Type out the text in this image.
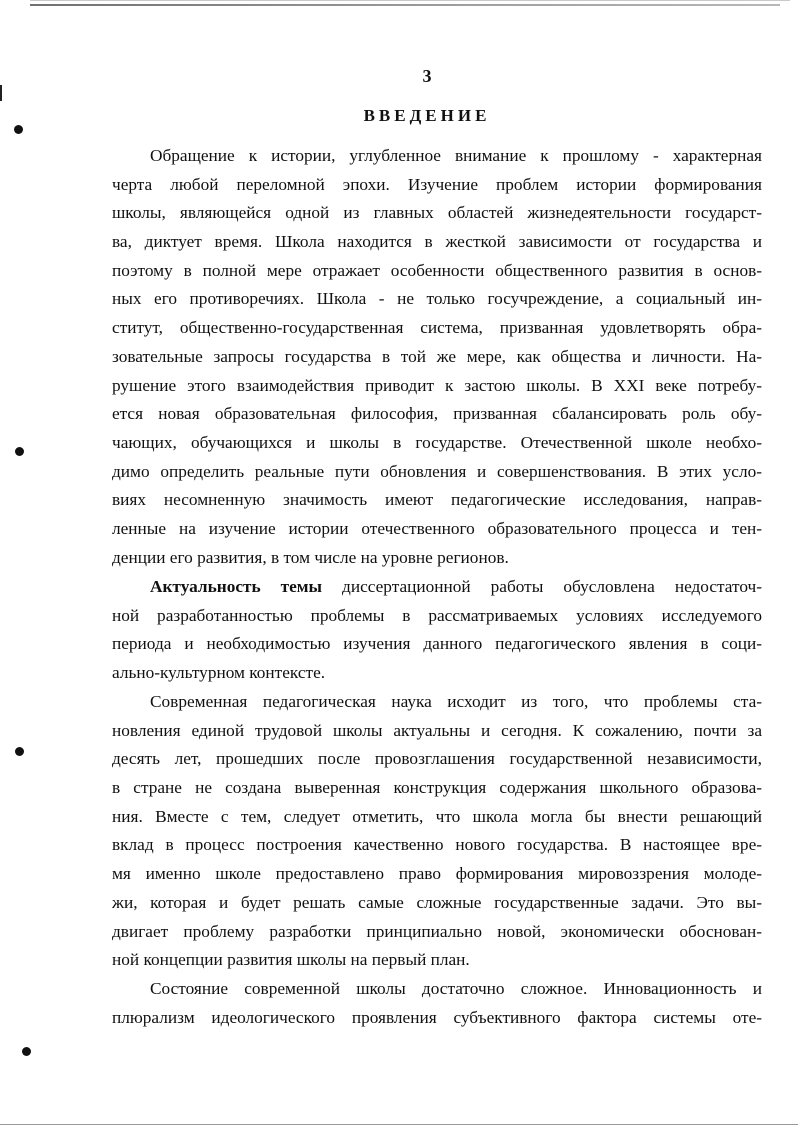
3
ВВЕДЕНИЕ
Обращение к истории, углубленное внимание к прошлому - характерная
черта любой переломной эпохи. Изучение проблем истории формирования
школы, являющейся одной из главных областей жизнедеятельности государст-
ва, диктует время. Школа находится в жесткой зависимости от государства и
поэтому в полной мере отражает особенности общественного развития в основ-
ных его противоречиях. Школа - не только госучреждение, а социальный ин-
ститут, общественно-государственная система, призванная удовлетворять обра-
зовательные запросы государства в той же мере, как общества и личности. На-
рушение этого взаимодействия приводит к застою школы. В XXI веке потребу-
ется новая образовательная философия, призванная сбалансировать роль обу-
чающих, обучающихся и школы в государстве. Отечественной школе необхо-
димо определить реальные пути обновления и совершенствования. В этих усло-
виях несомненную значимость имеют педагогические исследования, направ-
ленные на изучение истории отечественного образовательного процесса и тен-
денции его развития, в том числе на уровне регионов.
Актуальность темы диссертационной работы обусловлена недостаточ-
ной разработанностью проблемы в рассматриваемых условиях исследуемого
периода и необходимостью изучения данного педагогического явления в соци-
ально-культурном контексте.
Современная педагогическая наука исходит из того, что проблемы ста-
новления единой трудовой школы актуальны и сегодня. К сожалению, почти за
десять лет, прошедших после провозглашения государственной независимости,
в стране не создана выверенная конструкция содержания школьного образова-
ния. Вместе с тем, следует отметить, что школа могла бы внести решающий
вклад в процесс построения качественно нового государства. В настоящее вре-
мя именно школе предоставлено право формирования мировоззрения молоде-
жи, которая и будет решать самые сложные государственные задачи. Это вы-
двигает проблему разработки принципиально новой, экономически обоснован-
ной концепции развития школы на первый план.
Состояние современной школы достаточно сложное. Инновационность и
плюрализм идеологического проявления субъективного фактора системы оте-
